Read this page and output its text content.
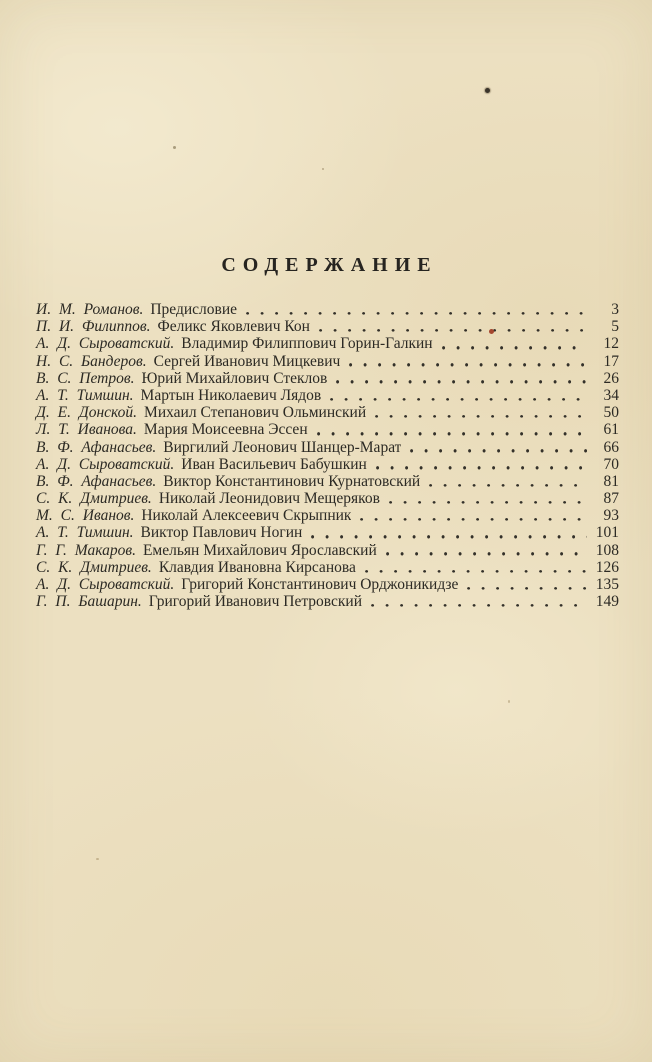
СОДЕРЖАНИЕ
И. М. Романов. Предисловие	3
П. И. Филиппов. Феликс Яковлевич Кон	5
А. Д. Сыроватский. Владимир Филиппович Горин-Галкин	12
Н. С. Бандеров. Сергей Иванович Мицкевич	17
В. С. Петров. Юрий Михайлович Стеклов	26
А. Т. Тимшин. Мартын Николаевич Лядов	34
Д. Е. Донской. Михаил Степанович Ольминский	50
Л. Т. Иванова. Мария Моисеевна Эссен	61
В. Ф. Афанасьев. Виргилий Леонович Шанцер-Марат	66
А. Д. Сыроватский. Иван Васильевич Бабушкин	70
В. Ф. Афанасьев. Виктор Константинович Курнатовский	81
С. К. Дмитриев. Николай Леонидович Мещеряков	87
М. С. Иванов. Николай Алексеевич Скрыпник	93
А. Т. Тимшин. Виктор Павлович Ногин	101
Г. Г. Макаров. Емельян Михайлович Ярославский	108
С. К. Дмитриев. Клавдия Ивановна Кирсанова	126
А. Д. Сыроватский. Григорий Константинович Орджоникидзе	135
Г. П. Башарин. Григорий Иванович Петровский	149
